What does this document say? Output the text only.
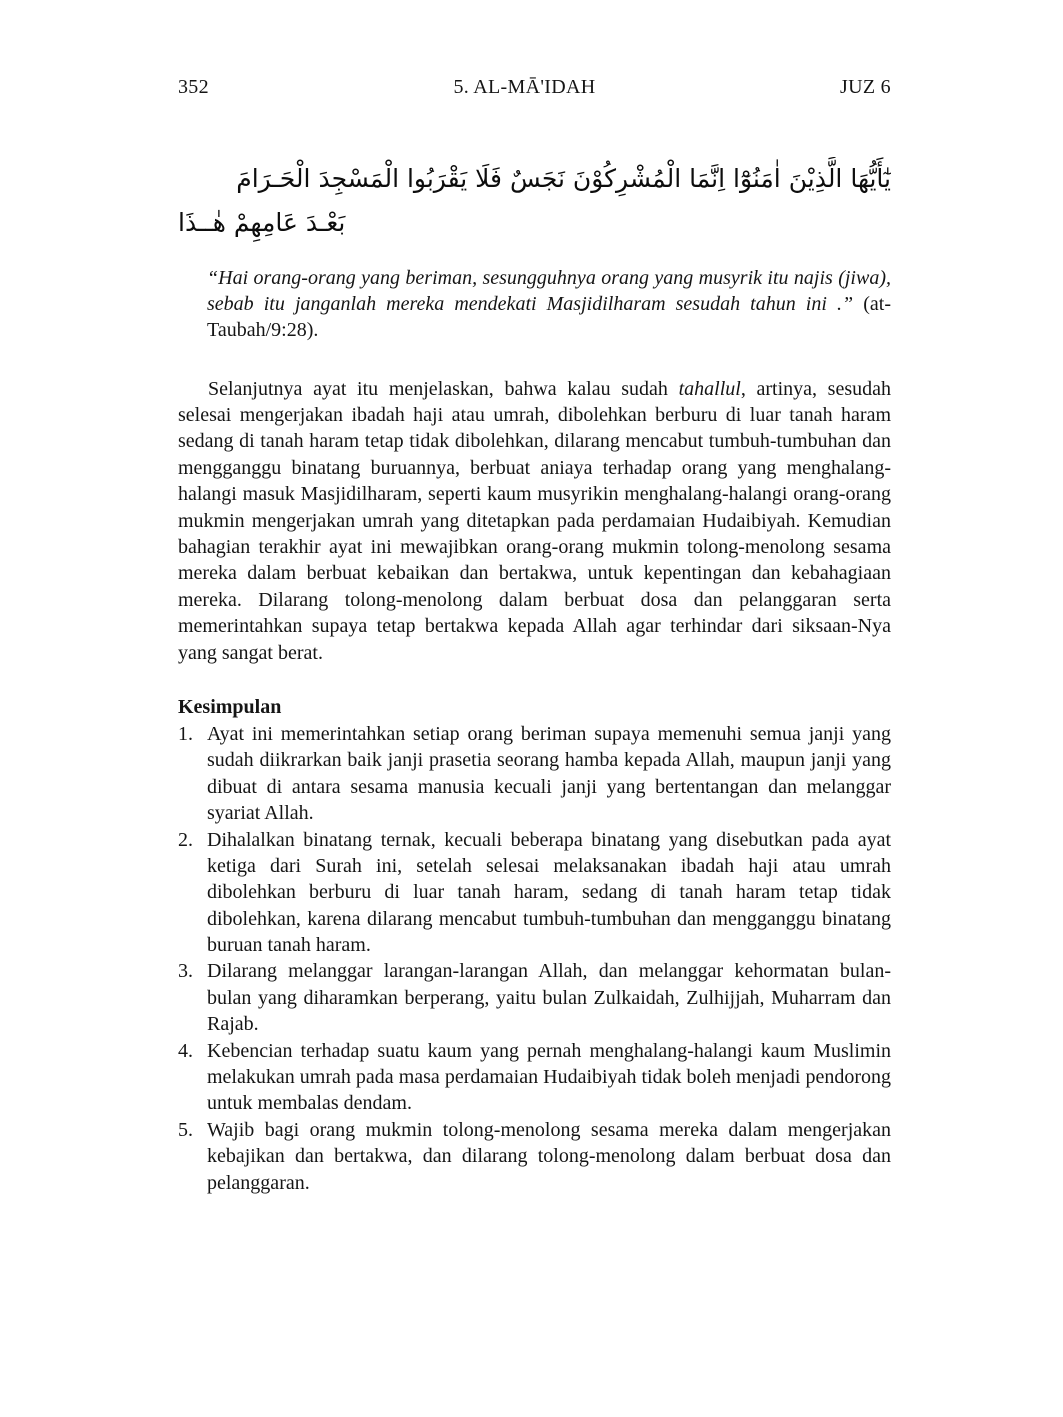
352	5. AL-MĀ'IDAH	JUZ 6
يٰٓأَيُّهَا الَّذِيْنَ اٰمَنُوْٓا اِنَّمَا الْمُشْرِكُوْنَ نَجَسٌ فَلَا يَقْرَبُوا الْمَسْجِدَ الْحَـرَامَ
بَعْـدَ عَامِهِمْ هٰــذَا

“Hai orang-orang yang beriman, sesungguhnya orang yang musyrik itu najis (jiwa), sebab itu janganlah mereka mendekati Masjidilharam sesudah tahun ini .” (at-Taubah/9:28).

Selanjutnya ayat itu menjelaskan, bahwa kalau sudah tahallul, artinya, sesudah selesai mengerjakan ibadah haji atau umrah, dibolehkan berburu di luar tanah haram sedang di tanah haram tetap tidak dibolehkan, dilarang mencabut tumbuh-tumbuhan dan mengganggu binatang buruannya, berbuat aniaya terhadap orang yang menghalang-halangi masuk Masjidilharam, seperti kaum musyrikin menghalang-halangi orang-orang mukmin mengerjakan umrah yang ditetapkan pada perdamaian Hudaibiyah. Kemudian bahagian terakhir ayat ini mewajibkan orang-orang mukmin tolong-menolong sesama mereka dalam berbuat kebaikan dan bertakwa, untuk kepentingan dan kebahagiaan mereka. Dilarang tolong-menolong dalam berbuat dosa dan pelanggaran serta memerintahkan supaya tetap bertakwa kepada Allah agar terhindar dari siksaan-Nya yang sangat berat.

Kesimpulan
1. Ayat ini memerintahkan setiap orang beriman supaya memenuhi semua janji yang sudah diikrarkan baik janji prasetia seorang hamba kepada Allah, maupun janji yang dibuat di antara sesama manusia kecuali janji yang bertentangan dan melanggar syariat Allah.
2. Dihalalkan binatang ternak, kecuali beberapa binatang yang disebutkan pada ayat ketiga dari Surah ini, setelah selesai melaksanakan ibadah haji atau umrah dibolehkan berburu di luar tanah haram, sedang di tanah haram tetap tidak dibolehkan, karena dilarang mencabut tumbuh-tumbuhan dan mengganggu binatang buruan tanah haram.
3. Dilarang melanggar larangan-larangan Allah, dan melanggar kehormatan bulan-bulan yang diharamkan berperang, yaitu bulan Zulkaidah, Zulhijjah, Muharram dan Rajab.
4. Kebencian terhadap suatu kaum yang pernah menghalang-halangi kaum Muslimin melakukan umrah pada masa perdamaian Hudaibiyah tidak boleh menjadi pendorong untuk membalas dendam.
5. Wajib bagi orang mukmin tolong-menolong sesama mereka dalam mengerjakan kebajikan dan bertakwa, dan dilarang tolong-menolong dalam berbuat dosa dan pelanggaran.
